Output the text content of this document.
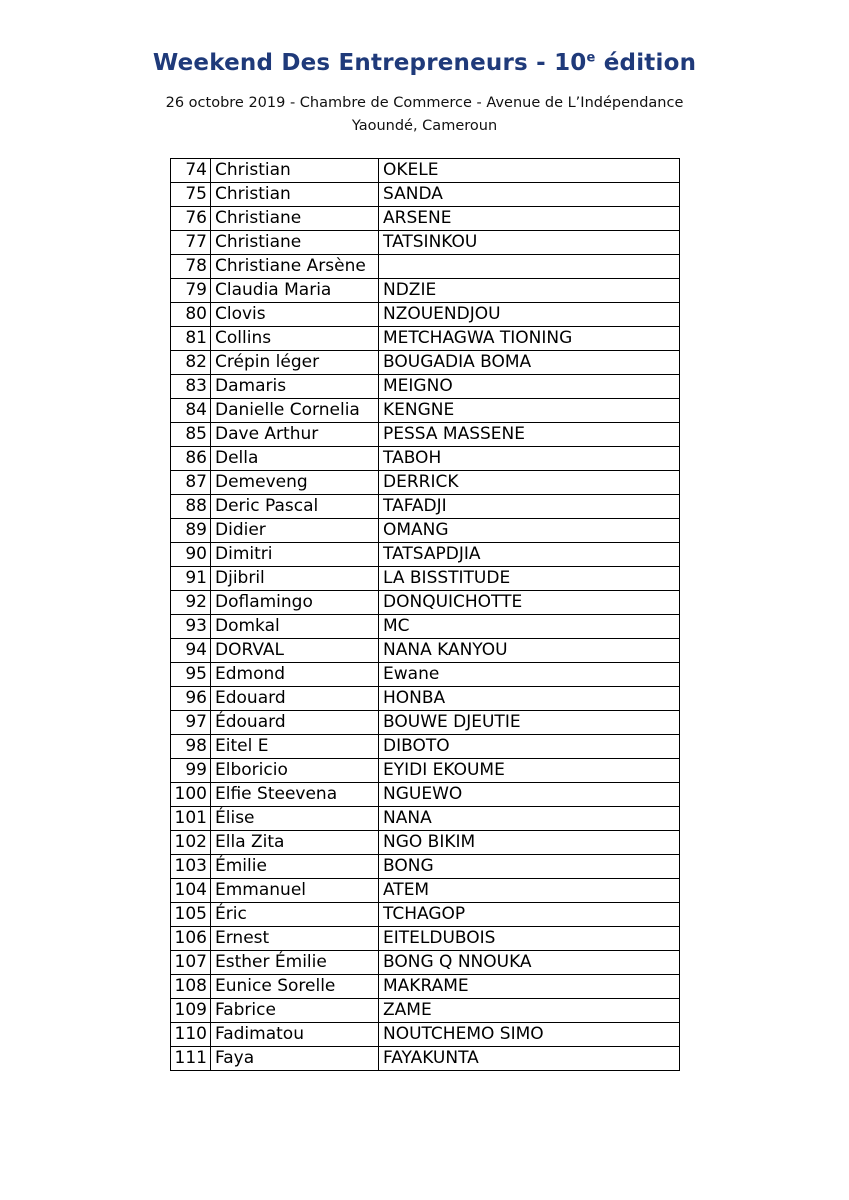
Weekend Des Entrepreneurs - 10e édition
26 octobre 2019 - Chambre de Commerce - Avenue de L’Indépendance
Yaoundé, Cameroun
74	Christian	OKELE
75	Christian	SANDA
76	Christiane	ARSENE
77	Christiane	TATSINKOU
78	Christiane Arsène	
79	Claudia Maria	NDZIE
80	Clovis	NZOUENDJOU
81	Collins	METCHAGWA TIONING
82	Crépin léger	BOUGADIA BOMA
83	Damaris	MEIGNO
84	Danielle Cornelia	KENGNE
85	Dave Arthur	PESSA MASSENE
86	Della	TABOH
87	Demeveng	DERRICK
88	Deric Pascal	TAFADJI
89	Didier	OMANG
90	Dimitri	TATSAPDJIA
91	Djibril	LA BISSTITUDE
92	Doflamingo	DONQUICHOTTE
93	Domkal	MC
94	DORVAL	NANA KANYOU
95	Edmond	Ewane
96	Edouard	HONBA
97	Édouard	BOUWE DJEUTIE
98	Eitel E	DIBOTO
99	Elboricio	EYIDI EKOUME
100	Elfie Steevena	NGUEWO
101	Élise	NANA
102	Ella Zita	NGO BIKIM
103	Émilie	BONG
104	Emmanuel	ATEM
105	Éric	TCHAGOP
106	Ernest	EITELDUBOIS
107	Esther Émilie	BONG Q NNOUKA
108	Eunice Sorelle	MAKRAME
109	Fabrice	ZAME
110	Fadimatou	NOUTCHEMO SIMO
111	Faya	FAYAKUNTA
